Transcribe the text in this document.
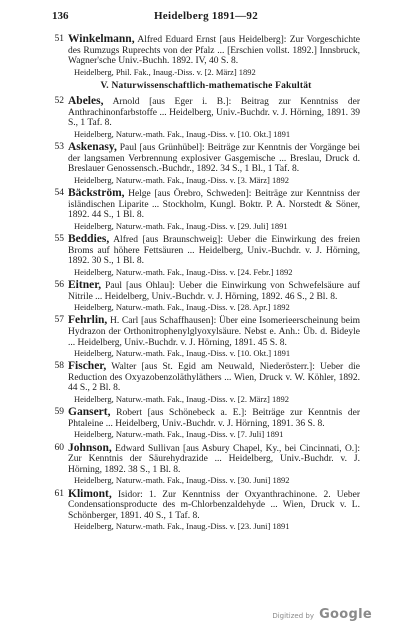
136	Heidelberg 1891—92
51 Winkelmann, Alfred Eduard Ernst [aus Heidelberg]: Zur Vorgeschichte des Rumzugs Ruprechts von der Pfalz ... [Erschien vollst. 1892.] Innsbruck, Wagner'sche Univ.-Buchh. 1892. IV, 40 S. 8.
Heidelberg, Phil. Fak., Inaug.-Diss. v. [2. März] 1892
V. Naturwissenschaftlich-mathematische Fakultät
52 Abeles, Arnold [aus Eger i. B.]: Beitrag zur Kenntniss der Anthrachinonfarbstoffe ... Heidelberg, Univ.-Buchdr. v. J. Hörning, 1891. 39 S., 1 Taf. 8.
Heidelberg, Naturw.-math. Fak., Inaug.-Diss. v. [10. Okt.] 1891
53 Askenasy, Paul [aus Grünhübel]: Beiträge zur Kenntnis der Vorgänge bei der langsamen Verbrennung explosiver Gasgemische ... Breslau, Druck d. Breslauer Genossensch.-Buchdr., 1892. 34 S., 1 Bl., 1 Taf. 8.
Heidelberg, Naturw.-math. Fak., Inaug.-Diss. v. [3. März] 1892
54 Bäckström, Helge [aus Örebro, Schweden]: Beiträge zur Kenntniss der isländischen Liparite ... Stockholm, Kungl. Boktr. P. A. Norstedt & Söner, 1892. 44 S., 1 Bl. 8.
Heidelberg, Naturw.-math. Fak., Inaug.-Diss. v. [29. Juli] 1891
55 Beddies, Alfred [aus Braunschweig]: Ueber die Einwirkung des freien Broms auf höhere Fettsäuren ... Heidelberg, Univ.-Buchdr. v. J. Hörning, 1892. 30 S., 1 Bl. 8.
Heidelberg, Naturw.-math. Fak., Inaug.-Diss. v. [24. Febr.] 1892
56 Eitner, Paul [aus Ohlau]: Ueber die Einwirkung von Schwefelsäure auf Nitrile ... Heidelberg, Univ.-Buchdr. v. J. Hörning, 1892. 46 S., 2 Bl. 8.
Heidelberg, Naturw.-math. Fak., Inaug.-Diss. v. [28. Apr.] 1892
57 Fehrlin, H. Carl [aus Schaffhausen]: Über eine Isomerieerscheinung beim Hydrazon der Orthonitrophenylglyoxylsäure. Nebst e. Anh.: Üb. d. Bideyle ... Heidelberg, Univ.-Buchdr. v. J. Hörning, 1891. 45 S. 8.
Heidelberg, Naturw.-math. Fak., Inaug.-Diss. v. [10. Okt.] 1891
58 Fischer, Walter [aus St. Egid am Neuwald, Niederösterr.]: Ueber die Reduction des Oxyazobenzoläthyläthers ... Wien, Druck v. W. Köhler, 1892. 44 S., 2 Bl. 8.
Heidelberg, Naturw.-math. Fak., Inaug.-Diss. v. [2. März] 1892
59 Gansert, Robert [aus Schönebeck a. E.]: Beiträge zur Kenntnis der Phtaleine ... Heidelberg, Univ.-Buchdr. v. J. Hörning, 1891. 36 S. 8.
Heidelberg, Naturw.-math. Fak., Inaug.-Diss. v. [7. Juli] 1891
60 Johnson, Edward Sullivan [aus Asbury Chapel, Ky., bei Cincinnati, O.]: Zur Kenntnis der Säurehydrazide ... Heidelberg, Univ.-Buchdr. v. J. Hörning, 1892. 38 S., 1 Bl. 8.
Heidelberg, Naturw.-math. Fak., Inaug.-Diss. v. [30. Juni] 1892
61 Klimont, Isidor: 1. Zur Kenntniss der Oxyanthrachinone. 2. Ueber Condensationsproducte des m-Chlorbenzaldehyde ... Wien, Druck v. L. Schönberger, 1891. 40 S., 1 Taf. 8.
Heidelberg, Naturw.-math. Fak., Inaug.-Diss. v. [23. Juni] 1891
Digitized by Google
